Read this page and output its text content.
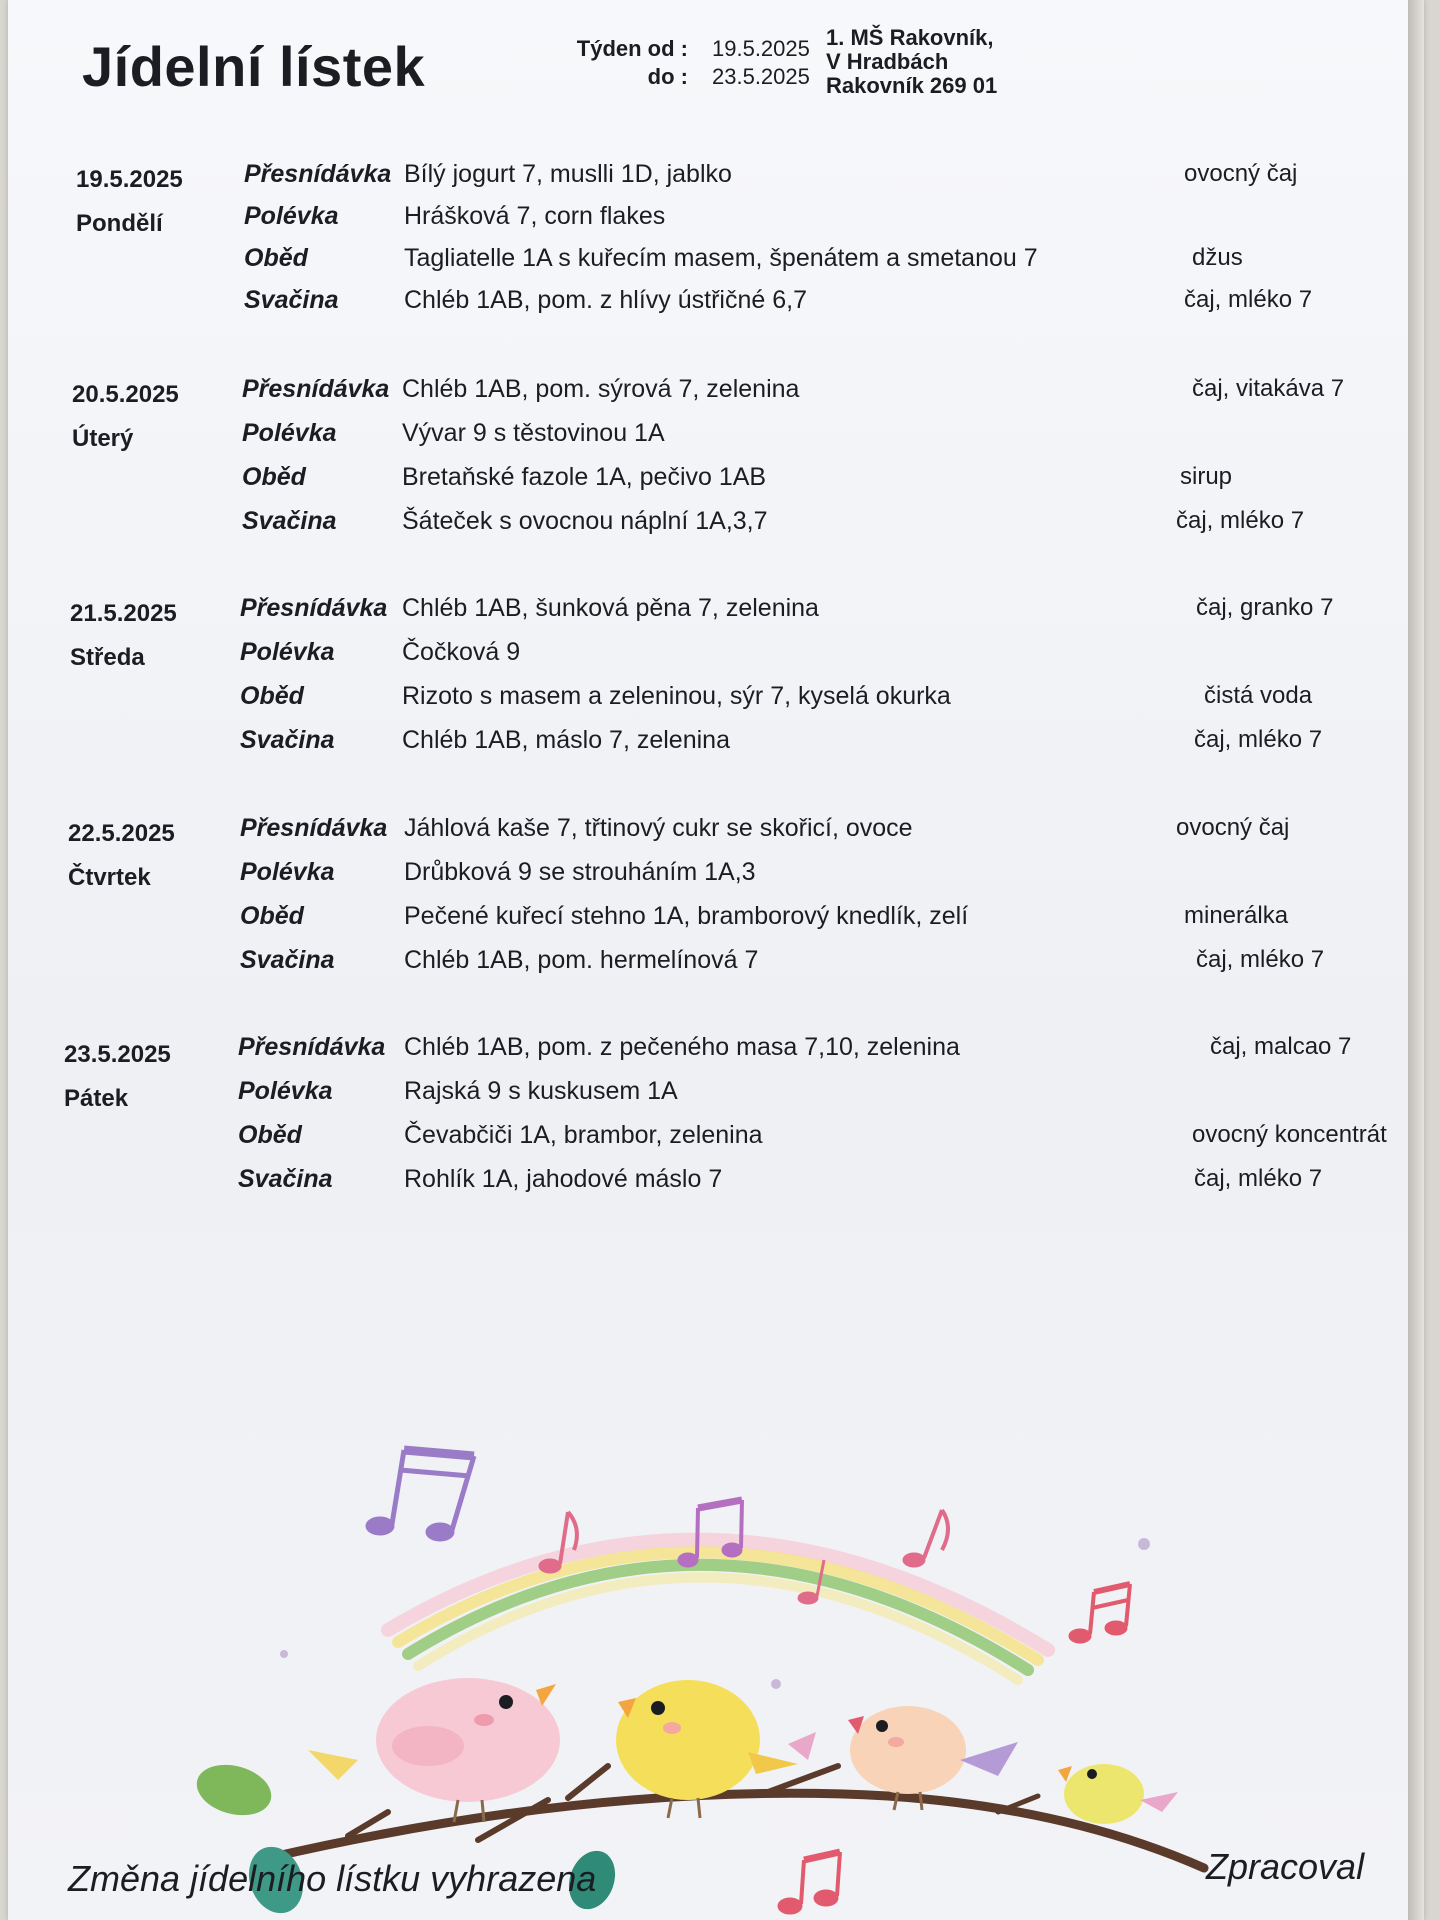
Jídelní lístek	Týden od : 19.5.2025
do : 23.5.2025
1. MŠ Rakovník,
V Hradbách
Rakovník 269 01
19.5.2025
Pondělí
Přesnídávka Bílý jogurt 7, muslli 1D, jablko	ovocný čaj
Polévka	Hrášková 7, corn flakes
Oběd	Tagliatelle 1A s kuřecím masem, špenátem a smetanou 7	džus
Svačina	Chléb 1AB, pom. z hlívy ústřičné 6,7	čaj, mléko 7
20.5.2025
Úterý
Přesnídávka Chléb 1AB, pom. sýrová 7, zelenina	čaj, vitakáva 7
Polévka	Vývar 9 s těstovinou 1A
Oběd	Bretaňské fazole 1A, pečivo 1AB	sirup
Svačina	Šáteček s ovocnou náplní 1A,3,7	čaj, mléko 7
21.5.2025
Středa
Přesnídávka Chléb 1AB, šunková pěna 7, zelenina	čaj, granko 7
Polévka	Čočková 9
Oběd	Rizoto s masem a zeleninou, sýr 7, kyselá okurka	čistá voda
Svačina	Chléb 1AB, máslo 7, zelenina	čaj, mléko 7
22.5.2025
Čtvrtek
Přesnídávka Jáhlová kaše 7, třtinový cukr se skořicí, ovoce	ovocný čaj
Polévka	Drůbková 9 se strouháním 1A,3
Oběd	Pečené kuřecí stehno 1A, bramborový knedlík, zelí	minerálka
Svačina	Chléb 1AB, pom. hermelínová 7	čaj, mléko 7
23.5.2025
Pátek
Přesnídávka Chléb 1AB, pom. z pečeného masa 7,10, zelenina	čaj, malcao 7
Polévka	Rajská 9 s kuskusem 1A
Oběd	Čevabčiči 1A, brambor, zelenina	ovocný koncentrát
Svačina	Rohlík 1A, jahodové máslo 7	čaj, mléko 7
Změna jídelního lístku vyhrazena	Zpracoval
